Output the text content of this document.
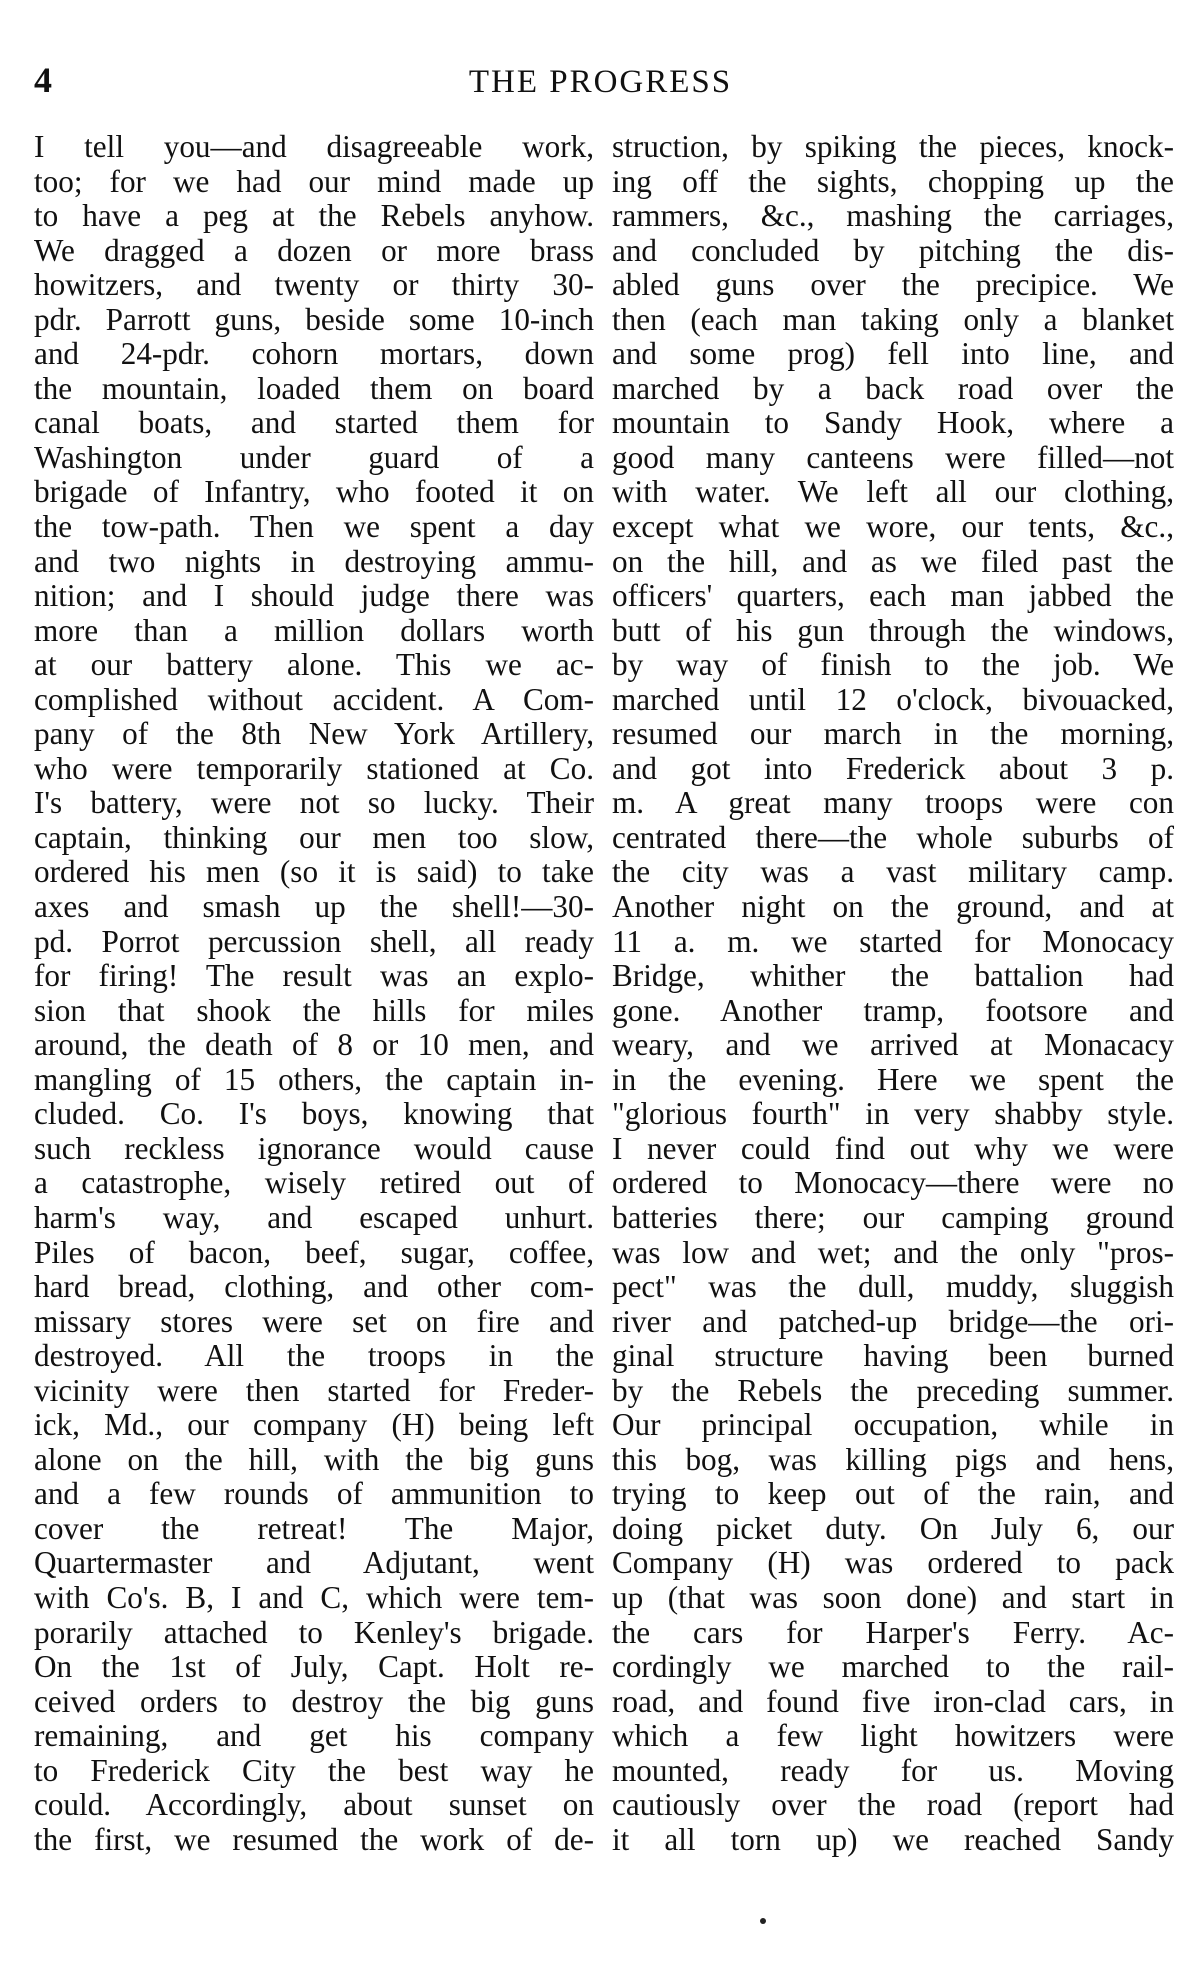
4	THE PROGRESS
I tell you—and disagreeable work,
too; for we had our mind made up
to have a peg at the Rebels anyhow.
We dragged a dozen or more brass
howitzers, and twenty or thirty 30-
pdr. Parrott guns, beside some 10-inch
and 24-pdr. cohorn mortars, down
the mountain, loaded them on board
canal boats, and started them for
Washington under guard of a
brigade of Infantry, who footed it on
the tow-path. Then we spent a day
and two nights in destroying ammu-
nition; and I should judge there was
more than a million dollars worth
at our battery alone. This we ac-
complished without accident. A Com-
pany of the 8th New York Artillery,
who were temporarily stationed at Co.
I's battery, were not so lucky. Their
captain, thinking our men too slow,
ordered his men (so it is said) to take
axes and smash up the shell!—30-
pd. Porrot percussion shell, all ready
for firing! The result was an explo-
sion that shook the hills for miles
around, the death of 8 or 10 men, and
mangling of 15 others, the captain in-
cluded. Co. I's boys, knowing that
such reckless ignorance would cause
a catastrophe, wisely retired out of
harm's way, and escaped unhurt.
Piles of bacon, beef, sugar, coffee,
hard bread, clothing, and other com-
missary stores were set on fire and
destroyed. All the troops in the
vicinity were then started for Freder-
ick, Md., our company (H) being left
alone on the hill, with the big guns
and a few rounds of ammunition to
cover the retreat! The Major,
Quartermaster and Adjutant, went
with Co's. B, I and C, which were tem-
porarily attached to Kenley's brigade.
On the 1st of July, Capt. Holt re-
ceived orders to destroy the big guns
remaining, and get his company
to Frederick City the best way he
could. Accordingly, about sunset on
the first, we resumed the work of de-
struction, by spiking the pieces, knock-
ing off the sights, chopping up the
rammers, &c., mashing the carriages,
and concluded by pitching the dis-
abled guns over the precipice. We
then (each man taking only a blanket
and some prog) fell into line, and
marched by a back road over the
mountain to Sandy Hook, where a
good many canteens were filled—not
with water. We left all our clothing,
except what we wore, our tents, &c.,
on the hill, and as we filed past the
officers' quarters, each man jabbed the
butt of his gun through the windows,
by way of finish to the job. We
marched until 12 o'clock, bivouacked,
resumed our march in the morning,
and got into Frederick about 3 p.
m. A great many troops were con
centrated there—the whole suburbs of
the city was a vast military camp.
Another night on the ground, and at
11 a. m. we started for Monocacy
Bridge, whither the battalion had
gone. Another tramp, footsore and
weary, and we arrived at Monacacy
in the evening. Here we spent the
"glorious fourth" in very shabby style.
I never could find out why we were
ordered to Monocacy—there were no
batteries there; our camping ground
was low and wet; and the only "pros-
pect" was the dull, muddy, sluggish
river and patched-up bridge—the ori-
ginal structure having been burned
by the Rebels the preceding summer.
Our principal occupation, while in
this bog, was killing pigs and hens,
trying to keep out of the rain, and
doing picket duty. On July 6, our
Company (H) was ordered to pack
up (that was soon done) and start in
the cars for Harper's Ferry. Ac-
cordingly we marched to the rail-
road, and found five iron-clad cars, in
which a few light howitzers were
mounted, ready for us. Moving
cautiously over the road (report had
it all torn up) we reached Sandy
